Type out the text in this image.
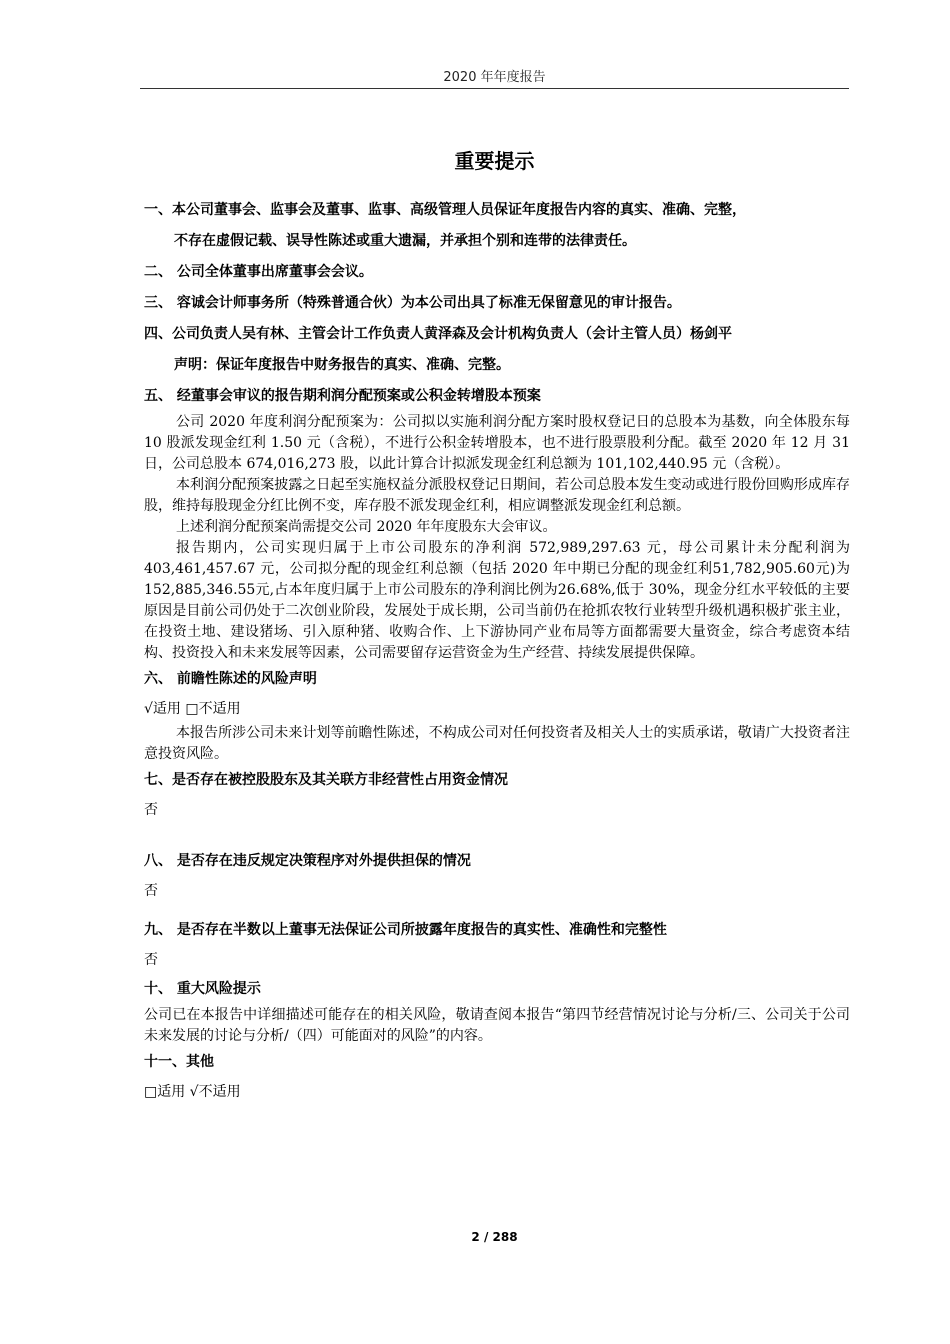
2020 年年度报告
重要提示
一、本公司董事会、监事会及董事、监事、高级管理人员保证年度报告内容的真实、准确、完整，
不存在虚假记载、误导性陈述或重大遗漏，并承担个别和连带的法律责任。
二、 公司全体董事出席董事会会议。
三、 容诚会计师事务所（特殊普通合伙）为本公司出具了标准无保留意见的审计报告。
四、公司负责人吴有林、主管会计工作负责人黄泽森及会计机构负责人（会计主管人员）杨剑平
声明：保证年度报告中财务报告的真实、准确、完整。
五、 经董事会审议的报告期利润分配预案或公积金转增股本预案
公司 2020 年度利润分配预案为：公司拟以实施利润分配方案时股权登记日的总股本为基数，向全体股东每 10 股派发现金红利 1.50 元（含税），不进行公积金转增股本，也不进行股票股利分配。截至 2020 年 12 月 31 日，公司总股本 674,016,273 股，以此计算合计拟派发现金红利总额为 101,102,440.95 元（含税）。
本利润分配预案披露之日起至实施权益分派股权登记日期间，若公司总股本发生变动或进行股份回购形成库存股，维持每股现金分红比例不变，库存股不派发现金红利，相应调整派发现金红利总额。
上述利润分配预案尚需提交公司 2020 年年度股东大会审议。
报告期内，公司实现归属于上市公司股东的净利润 572,989,297.63 元，母公司累计未分配利润为 403,461,457.67 元，公司拟分配的现金红利总额（包括 2020 年中期已分配的现金红利51,782,905.60元)为152,885,346.55元,占本年度归属于上市公司股东的净利润比例为26.68%,低于 30%，现金分红水平较低的主要原因是目前公司仍处于二次创业阶段，发展处于成长期，公司当前仍在抢抓农牧行业转型升级机遇积极扩张主业，在投资土地、建设猪场、引入原种猪、收购合作、上下游协同产业布局等方面都需要大量资金，综合考虑资本结构、投资投入和未来发展等因素，公司需要留存运营资金为生产经营、持续发展提供保障。
六、 前瞻性陈述的风险声明
√适用 □不适用
本报告所涉公司未来计划等前瞻性陈述，不构成公司对任何投资者及相关人士的实质承诺，敬请广大投资者注意投资风险。
七、是否存在被控股股东及其关联方非经营性占用资金情况
否
八、 是否存在违反规定决策程序对外提供担保的情况
否
九、 是否存在半数以上董事无法保证公司所披露年度报告的真实性、准确性和完整性
否
十、 重大风险提示
公司已在本报告中详细描述可能存在的相关风险，敬请查阅本报告“第四节经营情况讨论与分析/三、公司关于公司未来发展的讨论与分析/（四）可能面对的风险”的内容。
十一、其他
□适用 √不适用
2 / 288
